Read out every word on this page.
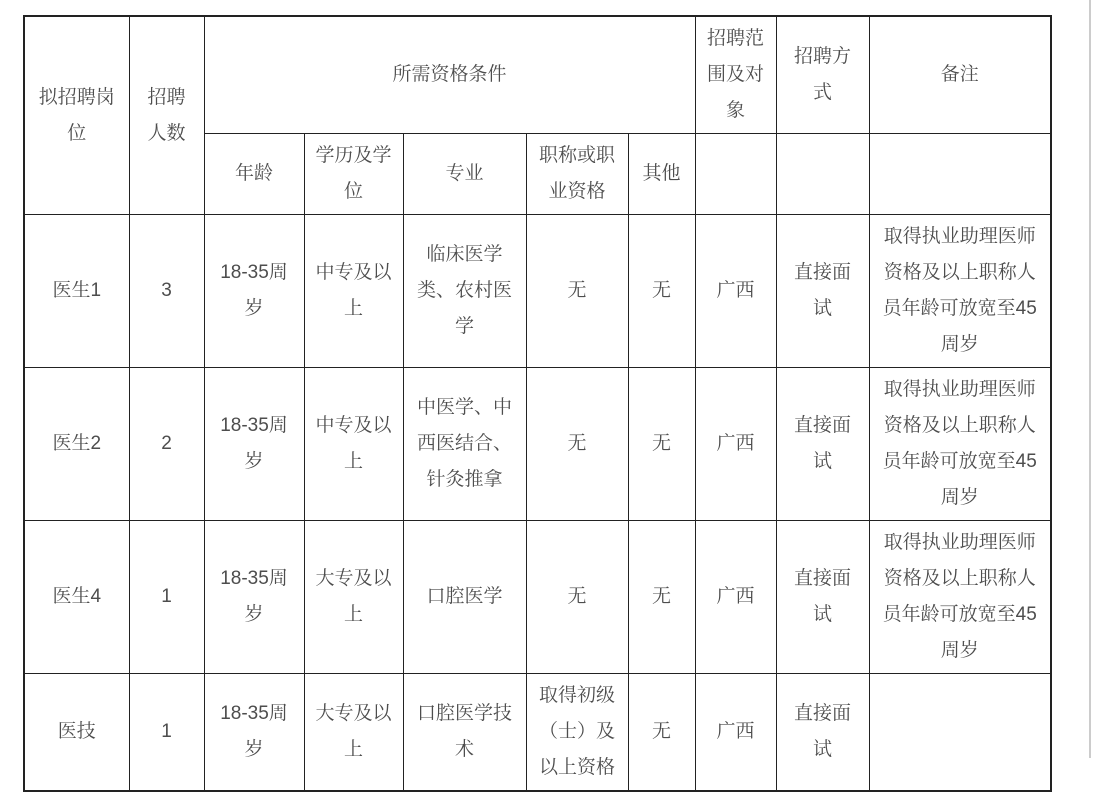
拟招聘岗位	招聘人数	所需资格条件					招聘范围及对象	招聘方式	备注
		年龄	学历及学位	专业	职称或职业资格	其他			
医生1	3	18-35周岁	中专及以上	临床医学类、农村医学	无	无	广西	直接面试	取得执业助理医师资格及以上职称人员年龄可放宽至45周岁
医生2	2	18-35周岁	中专及以上	中医学、中西医结合、针灸推拿	无	无	广西	直接面试	取得执业助理医师资格及以上职称人员年龄可放宽至45周岁
医生4	1	18-35周岁	大专及以上	口腔医学	无	无	广西	直接面试	取得执业助理医师资格及以上职称人员年龄可放宽至45周岁
医技	1	18-35周岁	大专及以上	口腔医学技术	取得初级（士）及以上资格	无	广西	直接面试	
